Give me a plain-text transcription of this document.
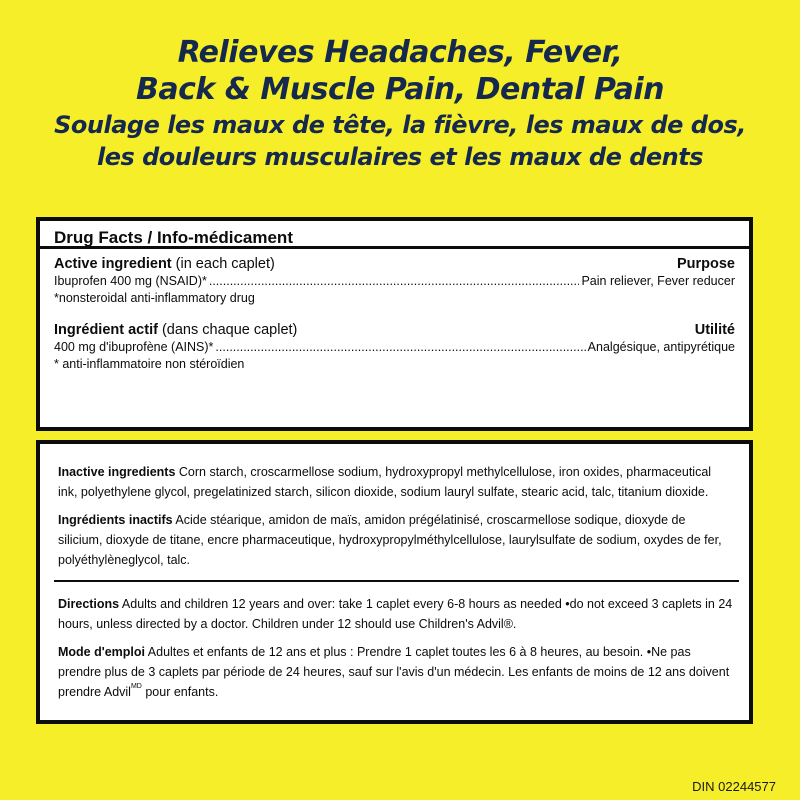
Relieves Headaches, Fever,
Back & Muscle Pain, Dental Pain
Soulage les maux de tête, la fièvre, les maux de dos,
les douleurs musculaires et les maux de dents
Drug Facts / Info-médicament
Active ingredient (in each caplet)	Purpose
Ibuprofen 400 mg (NSAID)* .....	Pain reliever, Fever reducer
*nonsteroidal anti-inflammatory drug
Ingrédient actif (dans chaque caplet)	Utilité
400 mg d'ibuprofène (AINS)* .....	Analgésique, antipyrétique
* anti-inflammatoire non stéroïdien

Inactive ingredients Corn starch, croscarmellose sodium, hydroxypropyl methylcellulose, iron oxides, pharmaceutical ink, polyethylene glycol, pregelatinized starch, silicon dioxide, sodium lauryl sulfate, stearic acid, talc, titanium dioxide.

Ingrédients inactifs Acide stéarique, amidon de maïs, amidon prégélatinisé, croscarmellose sodique, dioxyde de silicium, dioxyde de titane, encre pharmaceutique, hydroxypropylméthylcellulose, laurylsulfate de sodium, oxydes de fer, polyéthylèneglycol, talc.

Directions Adults and children 12 years and over: take 1 caplet every 6-8 hours as needed •do not exceed 3 caplets in 24 hours, unless directed by a doctor. Children under 12 should use Children's Advil®.

Mode d'emploi Adultes et enfants de 12 ans et plus : Prendre 1 caplet toutes les 6 à 8 heures, au besoin. •Ne pas prendre plus de 3 caplets par période de 24 heures, sauf sur l'avis d'un médecin. Les enfants de moins de 12 ans doivent prendre Advil$^{MD}$ pour enfants.

DIN 02244577
